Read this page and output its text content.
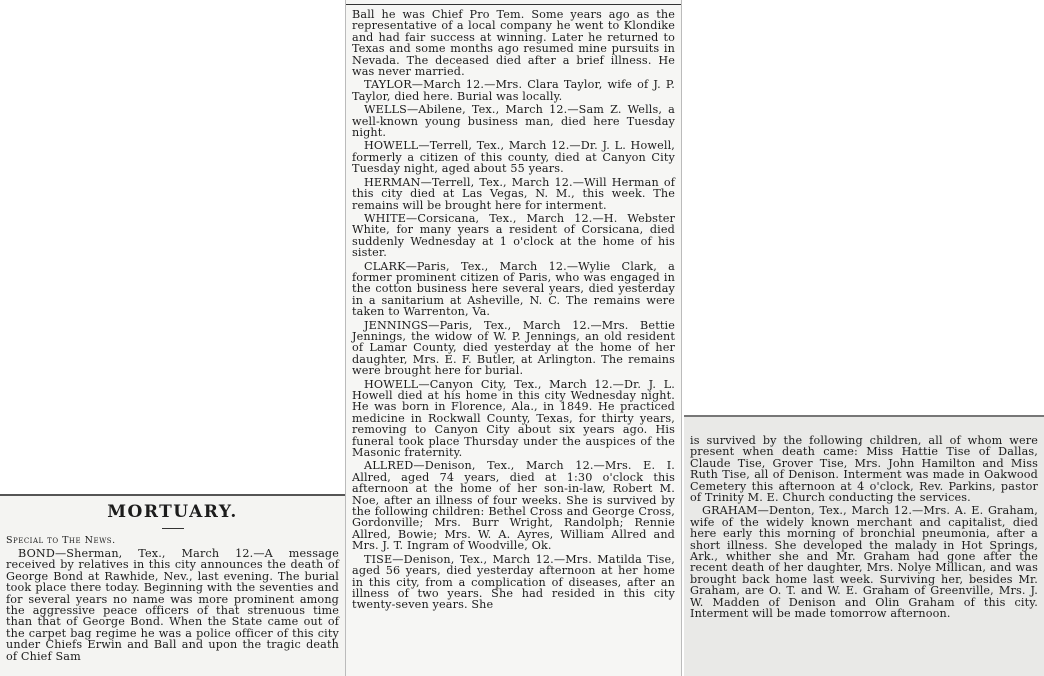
Ball he was Chief Pro Tem. Some years ago as the representative of a local company he went to Klondike and had fair success at winning. Later he returned to Texas and some months ago resumed mine pursuits in Nevada. The deceased died after a brief illness. He was never married.

TAYLOR—March 12.—Mrs. Clara Taylor, wife of J. P. Taylor, died here. Burial was locally.

WELLS—Abilene, Tex., March 12.—Sam Z. Wells, a well-known young business man, died here Tuesday night.

HOWELL—Terrell, Tex., March 12.—Dr. J. L. Howell, formerly a citizen of this county, died at Canyon City Tuesday night, aged about 55 years.

HERMAN—Terrell, Tex., March 12.—Will Herman of this city died at Las Vegas, N. M., this week. The remains will be brought here for interment.

WHITE—Corsicana, Tex., March 12.—H. Webster White, for many years a resident of Corsicana, died suddenly Wednesday at 1 o'clock at the home of his sister.

CLARK—Paris, Tex., March 12.—Wylie Clark, a former prominent citizen of Paris, who was engaged in the cotton business here several years, died yesterday in a sanitarium at Asheville, N. C. The remains were taken to Warrenton, Va.

JENNINGS—Paris, Tex., March 12.—Mrs. Bettie Jennings, the widow of W. P. Jennings, an old resident of Lamar County, died yesterday at the home of her daughter, Mrs. E. F. Butler, at Arlington. The remains were brought here for burial.

HOWELL—Canyon City, Tex., March 12.—Dr. J. L. Howell died at his home in this city Wednesday night. He was born in Florence, Ala., in 1849. He practiced medicine in Rockwall County, Texas, for thirty years, removing to Canyon City about six years ago. His funeral took place Thursday under the auspices of the Masonic fraternity.

ALLRED—Denison, Tex., March 12.—Mrs. E. I. Allred, aged 74 years, died at 1:30 o'clock this afternoon at the home of her son-in-law, Robert M. Noe, after an illness of four weeks. She is survived by the following children: Bethel Cross and George Cross, Gordonville; Mrs. Burr Wright, Randolph; Rennie Allred, Bowie; Mrs. W. A. Ayres, William Allred and Mrs. J. T. Ingram of Woodville, Ok.

TISE—Denison, Tex., March 12.—Mrs. Matilda Tise, aged 56 years, died yesterday afternoon at her home in this city, from a complication of diseases, after an illness of two years. She had resided in this city twenty-seven years. She

MORTUARY.
Special to The News.

BOND—Sherman, Tex., March 12.—A message received by relatives in this city announces the death of George Bond at Rawhide, Nev., last evening. The burial took place there today. Beginning with the seventies and for several years no name was more prominent among the aggressive peace officers of that strenuous time than that of George Bond. When the State came out of the carpet bag regime he was a police officer of this city under Chiefs Erwin and Ball and upon the tragic death of Chief Sam

is survived by the following children, all of whom were present when death came: Miss Hattie Tise of Dallas, Claude Tise, Grover Tise, Mrs. John Hamilton and Miss Ruth Tise, all of Denison. Interment was made in Oakwood Cemetery this afternoon at 4 o'clock, Rev. Parkins, pastor of Trinity M. E. Church conducting the services.

GRAHAM—Denton, Tex., March 12.—Mrs. A. E. Graham, wife of the widely known merchant and capitalist, died here early this morning of bronchial pneumonia, after a short illness. She developed the malady in Hot Springs, Ark., whither she and Mr. Graham had gone after the recent death of her daughter, Mrs. Nolye Millican, and was brought back home last week. Surviving her, besides Mr. Graham, are O. T. and W. E. Graham of Greenville, Mrs. J. W. Madden of Denison and Olin Graham of this city. Interment will be made tomorrow afternoon.
